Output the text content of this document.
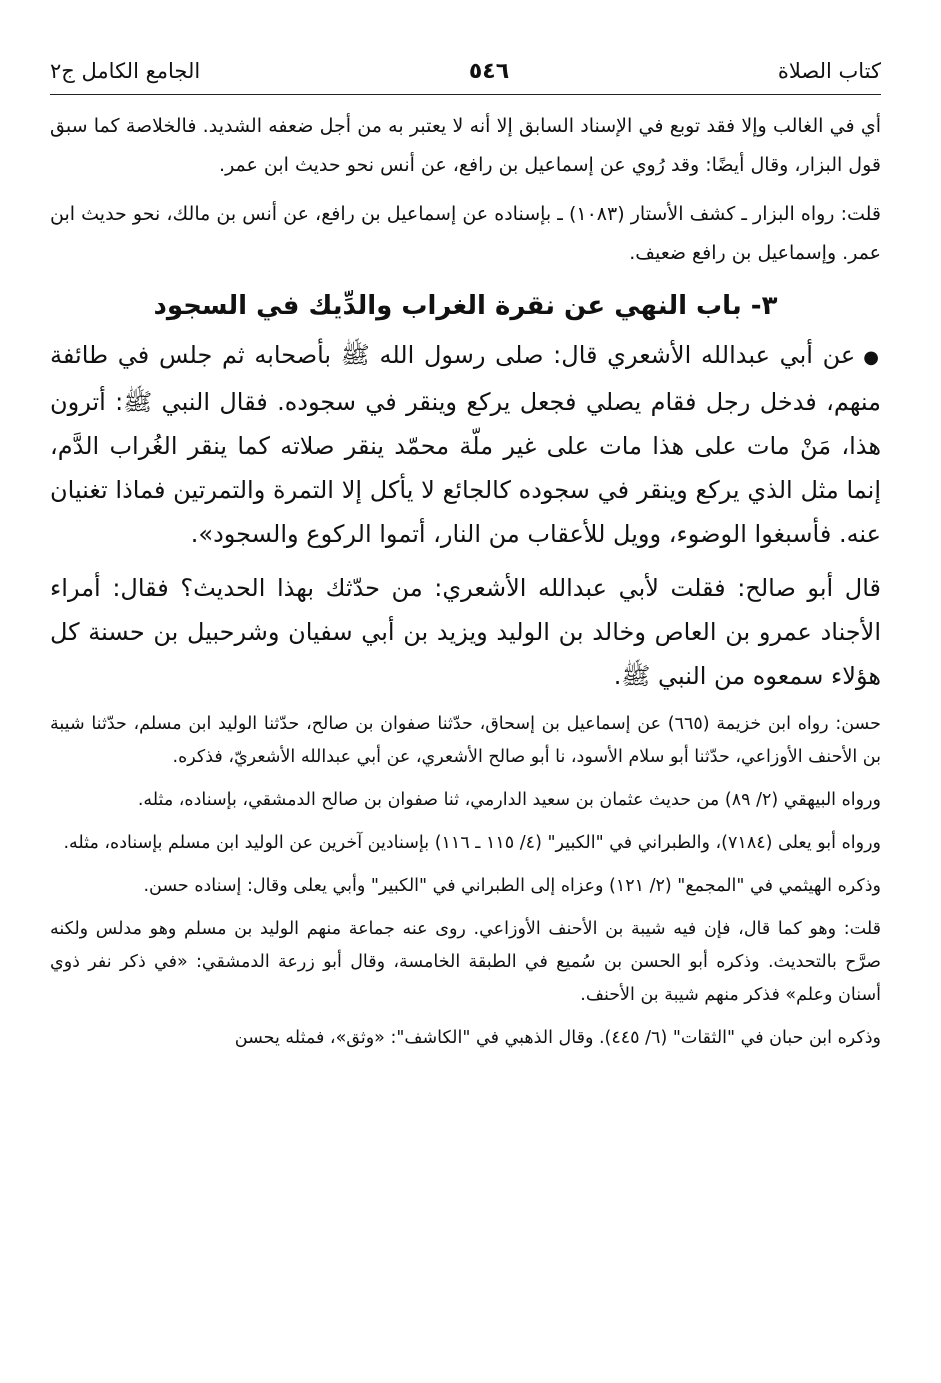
كتاب الصلاة
٥٤٦
الجامع الكامل ج٢

أي في الغالب وإلا فقد توبع في الإسناد السابق إلا أنه لا يعتبر به من أجل ضعفه الشديد. فالخلاصة كما سبق قول البزار، وقال أيضًا: وقد رُوي عن إسماعيل بن رافع، عن أنس نحو حديث ابن عمر.

قلت: رواه البزار ـ كشف الأستار (١٠٨٣) ـ بإسناده عن إسماعيل بن رافع، عن أنس بن مالك، نحو حديث ابن عمر. وإسماعيل بن رافع ضعيف.

٣- باب النهي عن نقرة الغراب والدِّيك في السجود

●عن أبي عبدالله الأشعري قال: صلى رسول الله ﷺ بأصحابه ثم جلس في طائفة منهم، فدخل رجل فقام يصلي فجعل يركع وينقر في سجوده. فقال النبي ﷺ: أترون هذا، مَنْ مات على هذا مات على غير ملّة محمّد ينقر صلاته كما ينقر الغُراب الدَّم، إنما مثل الذي يركع وينقر في سجوده كالجائع لا يأكل إلا التمرة والتمرتين فماذا تغنيان عنه. فأسبغوا الوضوء، وويل للأعقاب من النار، أتموا الركوع والسجود».

قال أبو صالح: فقلت لأبي عبدالله الأشعري: من حدّثك بهذا الحديث؟ فقال: أمراء الأجناد عمرو بن العاص وخالد بن الوليد ويزيد بن أبي سفيان وشرحبيل بن حسنة كل هؤلاء سمعوه من النبي ﷺ.

حسن: رواه ابن خزيمة (٦٦٥) عن إسماعيل بن إسحاق، حدّثنا صفوان بن صالح، حدّثنا الوليد ابن مسلم، حدّثنا شيبة بن الأحنف الأوزاعي، حدّثنا أبو سلام الأسود، نا أبو صالح الأشعري، عن أبي عبدالله الأشعريّ، فذكره.

ورواه البيهقي (٢/ ٨٩) من حديث عثمان بن سعيد الدارمي، ثنا صفوان بن صالح الدمشقي، بإسناده، مثله.

ورواه أبو يعلى (٧١٨٤)، والطبراني في "الكبير" (٤/ ١١٥ ـ ١١٦) بإسنادين آخرين عن الوليد ابن مسلم بإسناده، مثله.

وذكره الهيثمي في "المجمع" (٢/ ١٢١) وعزاه إلى الطبراني في "الكبير" وأبي يعلى وقال: إسناده حسن.

قلت: وهو كما قال، فإن فيه شيبة بن الأحنف الأوزاعي. روى عنه جماعة منهم الوليد بن مسلم وهو مدلس ولكنه صرَّح بالتحديث. وذكره أبو الحسن بن سُميع في الطبقة الخامسة، وقال أبو زرعة الدمشقي: «في ذكر نفر ذوي أسنان وعلم» فذكر منهم شيبة بن الأحنف.

وذكره ابن حبان في "الثقات" (٦/ ٤٤٥). وقال الذهبي في "الكاشف": «وثق»، فمثله يحسن
